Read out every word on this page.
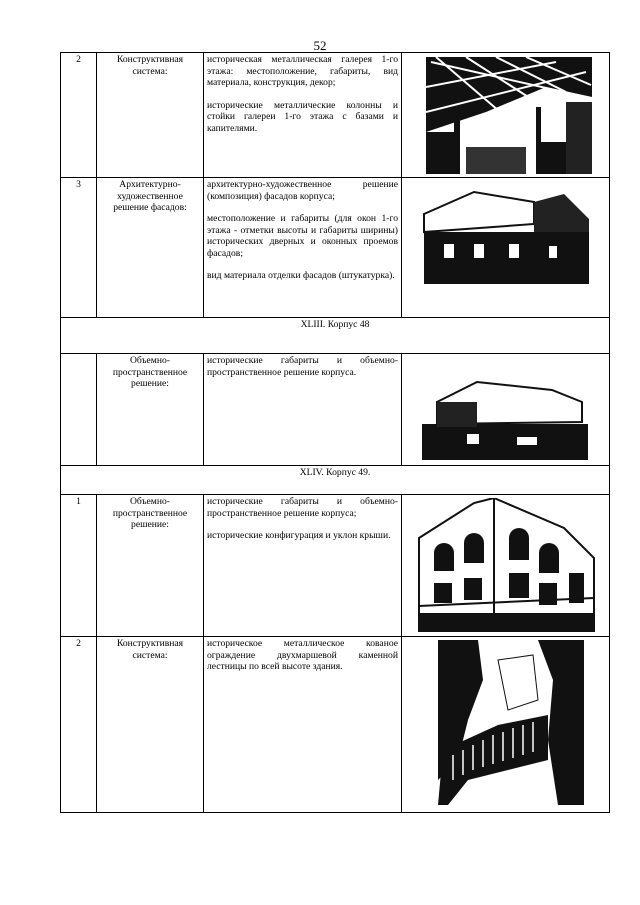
52
2	Конструктивная система:	историческая металлическая галерея 1-го этажа: местоположение, габариты, вид материала, конструкция, декор;

исторические металлические колонны и стойки галереи 1-го этажа с базами и капителями.

3	Архитектурно-художественное решение фасадов:	архитектурно-художественное решение (композиция) фасадов корпуса;

местоположение и габариты (для окон 1-го этажа - отметки высоты и габариты ширины) исторических дверных и оконных проемов фасадов;

вид материала отделки фасадов (штукатурка).

XLIII. Корпус 48			
	Объемно-пространственное решение:	исторические габариты и объемно-пространственное решение корпуса.

XLIV. Корпус 49.			
1	Объемно-пространственное решение:	исторические габариты и объемно-пространственное решение корпуса;

исторические конфигурация и уклон крыши.

2	Конструктивная система:	историческое металлическое кованое ограждение двухмаршевой каменной лестницы по всей высоте здания.
